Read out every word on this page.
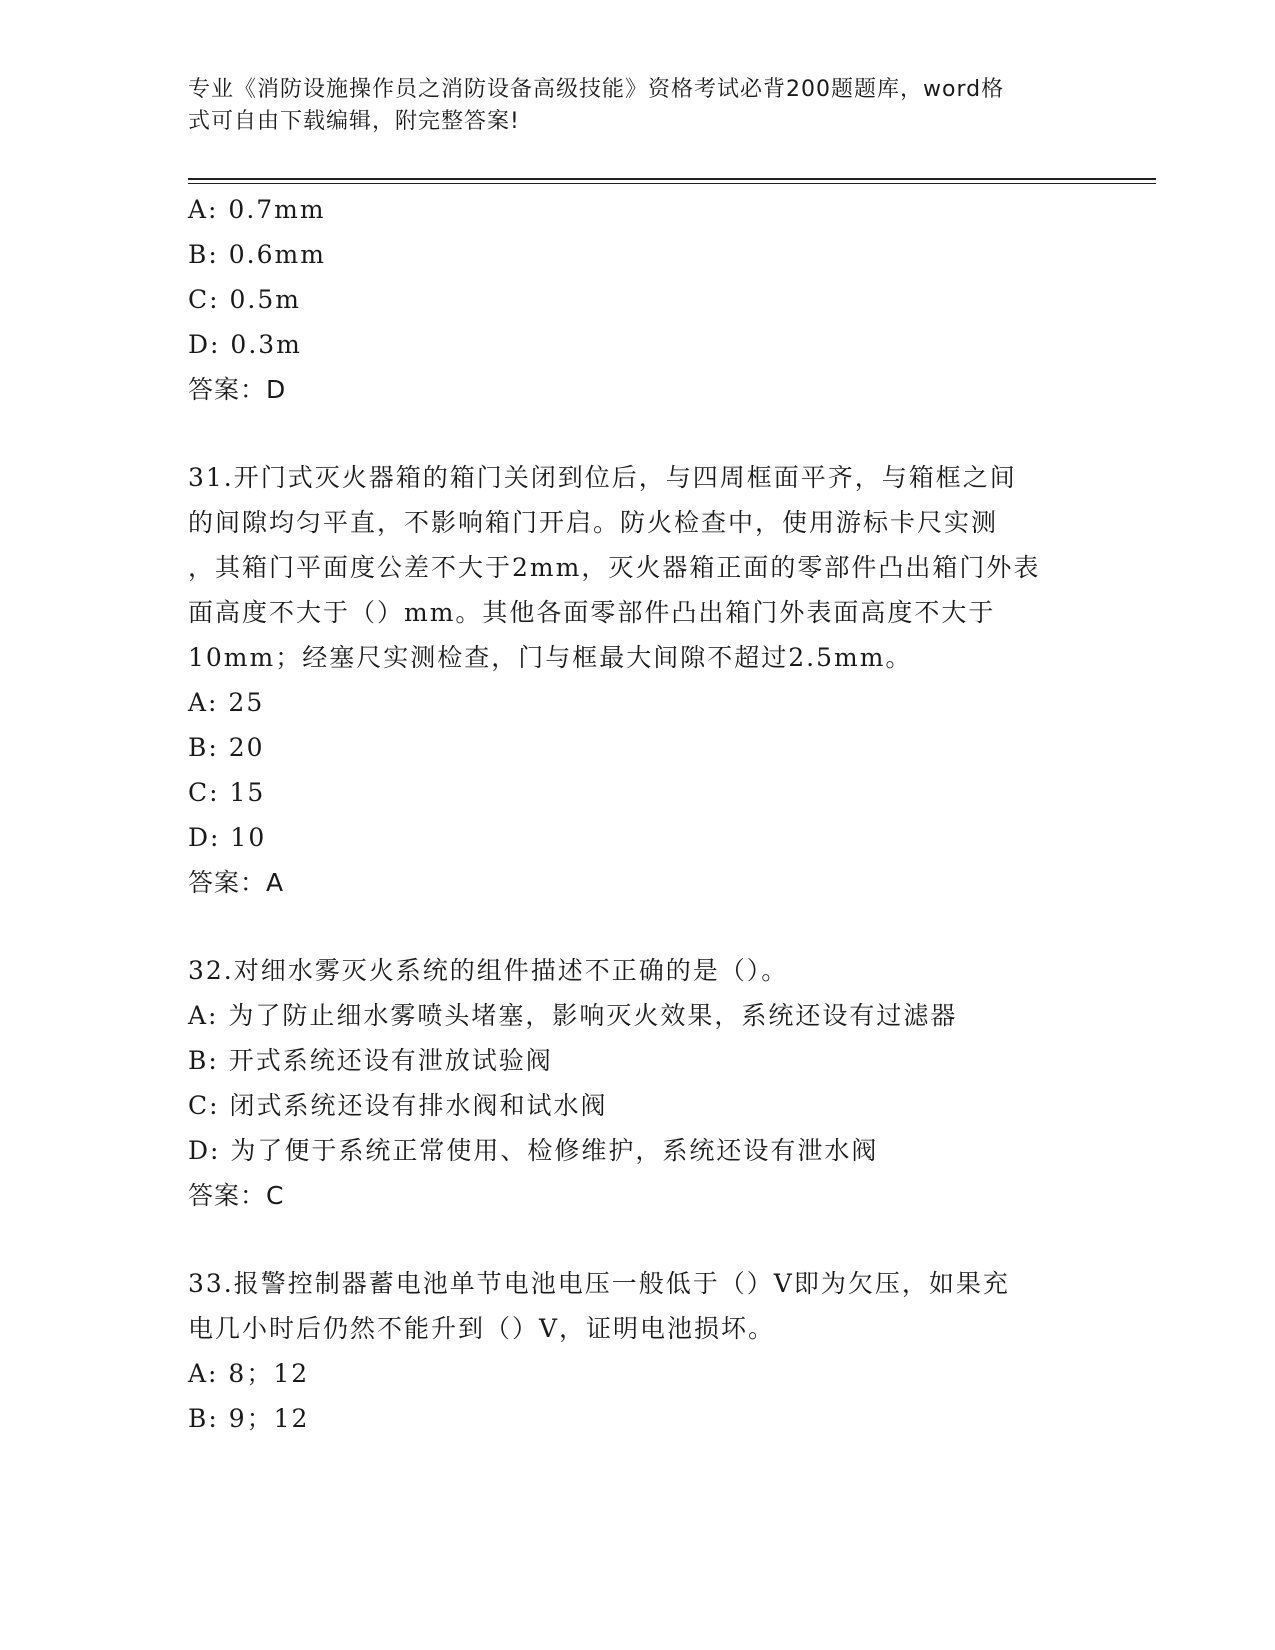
专业《消防设施操作员之消防设备高级技能》资格考试必背200题题库，word格
式可自由下载编辑，附完整答案!
A: 0.7mm
B: 0.6mm
C: 0.5m
D: 0.3m
答案：D
31.开门式灭火器箱的箱门关闭到位后，与四周框面平齐，与箱框之间
的间隙均匀平直，不影响箱门开启。防火检查中，使用游标卡尺实测
，其箱门平面度公差不大于2mm，灭火器箱正面的零部件凸出箱门外表
面高度不大于（）mm。其他各面零部件凸出箱门外表面高度不大于
10mm；经塞尺实测检查，门与框最大间隙不超过2.5mm。
A: 25
B: 20
C: 15
D: 10
答案：A
32.对细水雾灭火系统的组件描述不正确的是（）。
A: 为了防止细水雾喷头堵塞，影响灭火效果，系统还设有过滤器
B: 开式系统还设有泄放试验阀
C: 闭式系统还设有排水阀和试水阀
D: 为了便于系统正常使用、检修维护，系统还设有泄水阀
答案：C
33.报警控制器蓄电池单节电池电压一般低于（）V即为欠压，如果充
电几小时后仍然不能升到（）V，证明电池损坏。
A: 8；12
B: 9；12
